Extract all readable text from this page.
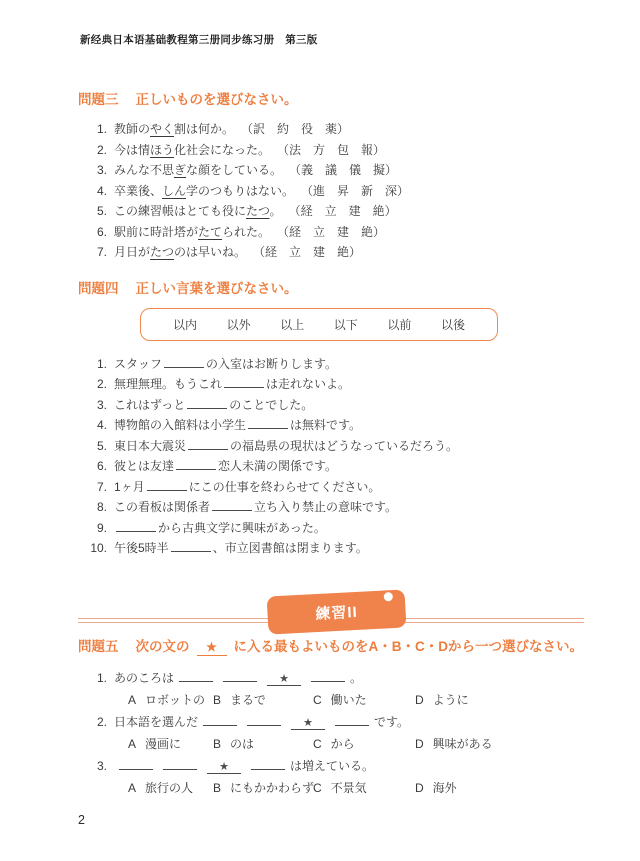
新经典日本语基础教程第三册同步练习册　第三版
問題三 正しいものを選びなさい。
1. 教師のやく割は何か。 （訳　約　役　薬）
2. 今は情ほう化社会になった。 （法　方　包　報）
3. みんな不思ぎな顔をしている。 （義　議　儀　擬）
4. 卒業後、しん学のつもりはない。 （進　昇　新　深）
5. この練習帳はとても役にたつ。 （経　立　建　絶）
6. 駅前に時計塔がたてられた。 （経　立　建　絶）
7. 月日がたつのは早いね。 （経　立　建　絶）
問題四 正しい言葉を選びなさい。
以内 以外 以上 以下 以前 以後
1. スタッフ	の入室はお断りします。
2. 無理無理。もうこれ	は走れないよ。
3. これはずっと	のことでした。
4. 博物館の入館料は小学生	は無料です。
5. 東日本大震災	の福島県の現状はどうなっているだろう。
6. 彼とは友達	恋人未満の関係です。
7. 1ヶ月	にこの仕事を終わらせてください。
8. この看板は関係者	立ち入り禁止の意味です。
9.	から古典文学に興味があった。
10. 午後5時半	、市立図書館は閉まります。
練習II
問題五 次の文の ★ に入る最もよいものをA・B・C・Dから一つ選びなさい。
1. あのころは	★	。
A ロボットの B まるで	C 働いた	D ように
2. 日本語を選んだ	★	です。
A 漫画に	B のは	C から	D 興味がある
3.	★	は増えている。
A 旅行の人	B にもかかわらず
C 不景気	D 海外
2
